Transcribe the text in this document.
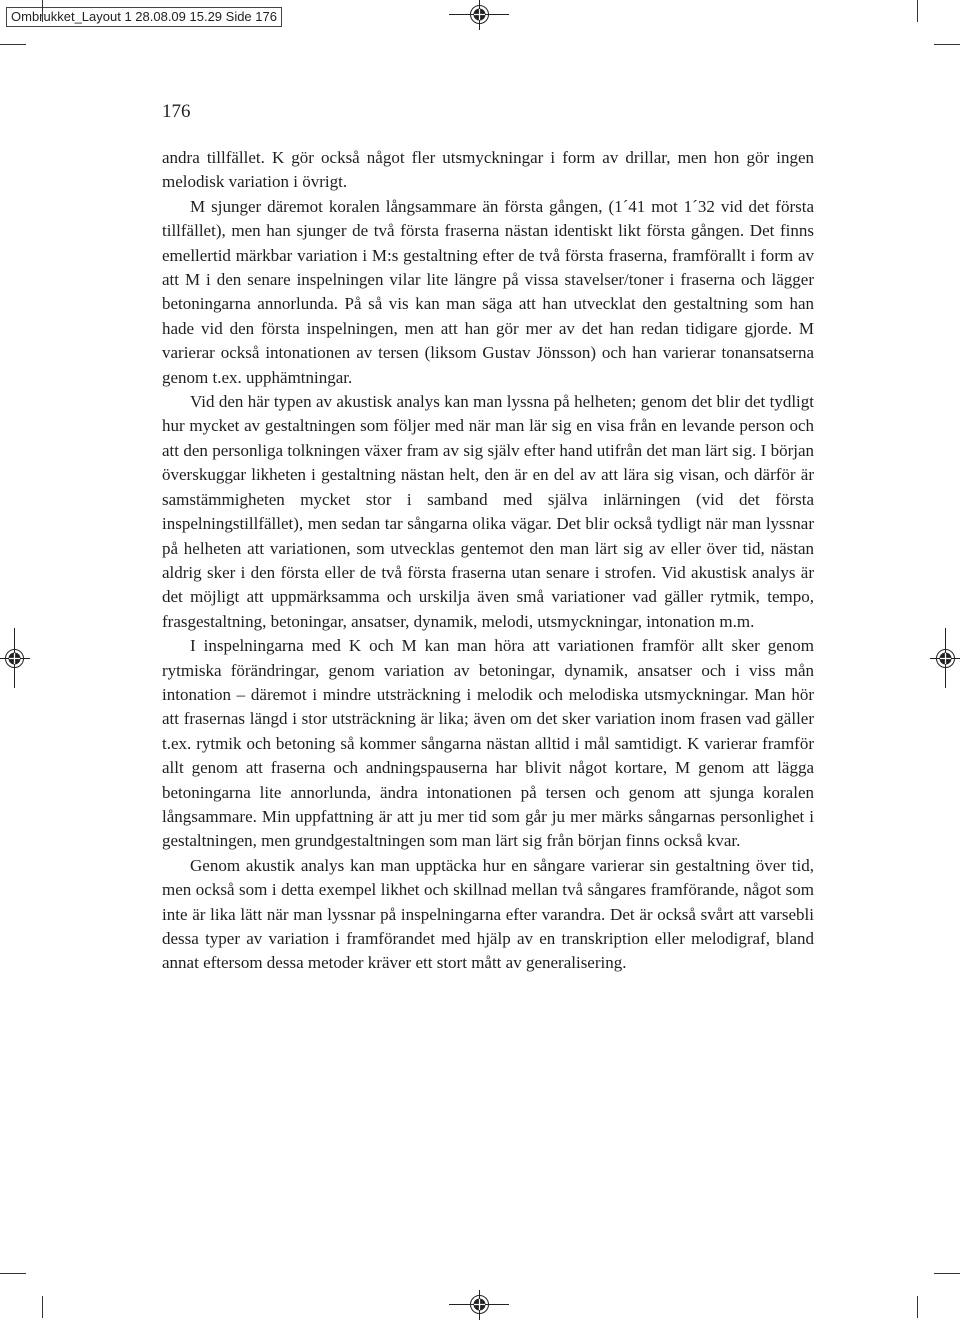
Ombrukket_Layout 1 28.08.09 15.29 Side 176
176

andra tillfället. K gör också något fler utsmyckningar i form av drillar, men hon gör ingen melodisk variation i övrigt.

M sjunger däremot koralen långsammare än första gången, (1´41 mot 1´32 vid det första tillfället), men han sjunger de två första fraserna nästan identiskt likt första gången. Det finns emellertid märkbar variation i M:s gestaltning efter de två första fraserna, framförallt i form av att M i den senare inspelningen vilar lite längre på vissa stavelser/toner i fraserna och lägger betoningarna annorlunda. På så vis kan man säga att han utvecklat den gestaltning som han hade vid den första inspelningen, men att han gör mer av det han redan tidigare gjorde. M varierar också intonationen av tersen (liksom Gustav Jönsson) och han varierar tonansatserna genom t.ex. upphämtningar.

Vid den här typen av akustisk analys kan man lyssna på helheten; genom det blir det tydligt hur mycket av gestaltningen som följer med när man lär sig en visa från en levande person och att den personliga tolkningen växer fram av sig själv efter hand utifrån det man lärt sig. I början överskuggar likheten i gestaltning nästan helt, den är en del av att lära sig visan, och därför är samstämmigheten mycket stor i samband med själva inlärningen (vid det första inspelningstillfället), men sedan tar sångarna olika vägar. Det blir också tydligt när man lyssnar på helheten att variationen, som utvecklas gentemot den man lärt sig av eller över tid, nästan aldrig sker i den första eller de två första fraserna utan senare i strofen. Vid akustisk analys är det möjligt att uppmärksamma och urskilja även små variationer vad gäller rytmik, tempo, frasgestaltning, betoningar, ansatser, dynamik, melodi, utsmyckningar, intonation m.m.

I inspelningarna med K och M kan man höra att variationen framför allt sker genom rytmiska förändringar, genom variation av betoningar, dynamik, ansatser och i viss mån intonation – däremot i mindre utsträckning i melodik och melodiska utsmyckningar. Man hör att frasernas längd i stor utsträckning är lika; även om det sker variation inom frasen vad gäller t.ex. rytmik och betoning så kommer sångarna nästan alltid i mål samtidigt. K varierar framför allt genom att fraserna och andningspauserna har blivit något kortare, M genom att lägga betoningarna lite annorlunda, ändra intonationen på tersen och genom att sjunga koralen långsammare. Min uppfattning är att ju mer tid som går ju mer märks sångarnas personlighet i gestaltningen, men grundgestaltningen som man lärt sig från början finns också kvar.

Genom akustik analys kan man upptäcka hur en sångare varierar sin gestaltning över tid, men också som i detta exempel likhet och skillnad mellan två sångares framförande, något som inte är lika lätt när man lyssnar på inspelningarna efter varandra. Det är också svårt att varsebli dessa typer av variation i framförandet med hjälp av en transkription eller melodigraf, bland annat eftersom dessa metoder kräver ett stort mått av generalisering.
